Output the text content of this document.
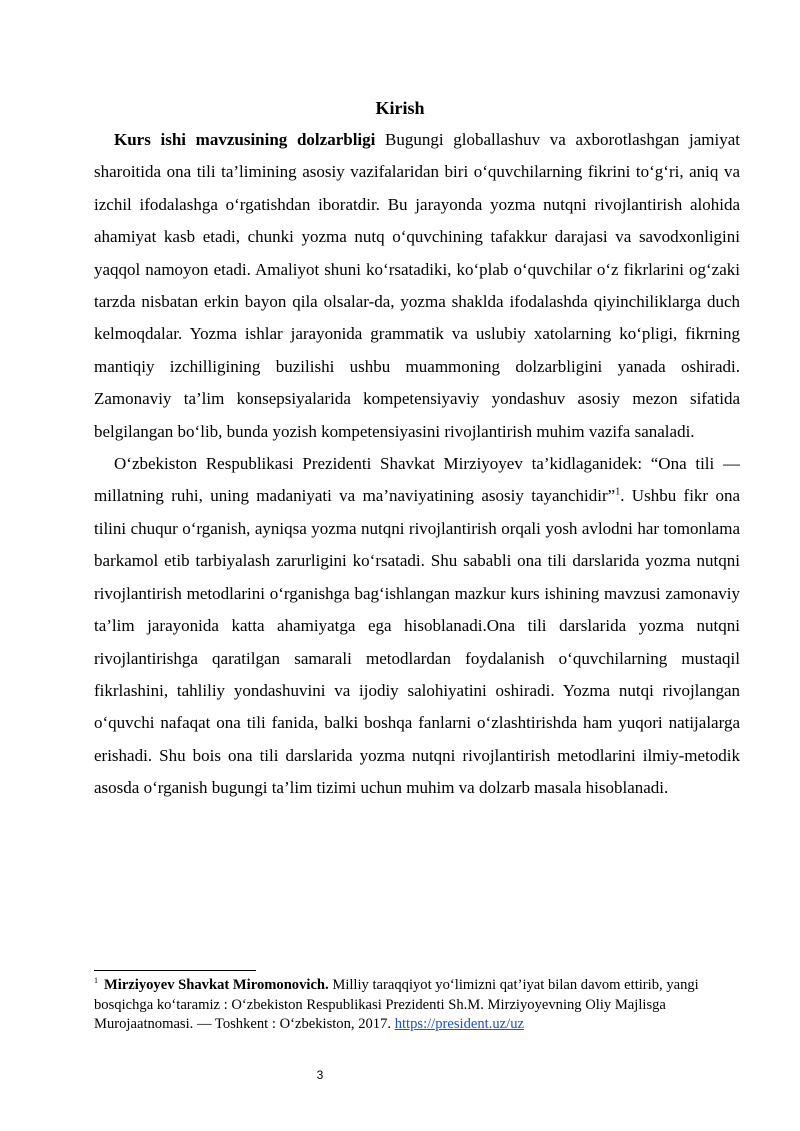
Kirish

Kurs ishi mavzusining dolzarbligi Bugungi globallashuv va axborotlashgan jamiyat sharoitida ona tili ta’limining asosiy vazifalaridan biri o‘quvchilarning fikrini to‘g‘ri, aniq va izchil ifodalashga o‘rgatishdan iboratdir. Bu jarayonda yozma nutqni rivojlantirish alohida ahamiyat kasb etadi, chunki yozma nutq o‘quvchining tafakkur darajasi va savodxonligini yaqqol namoyon etadi. Amaliyot shuni ko‘rsatadiki, ko‘plab o‘quvchilar o‘z fikrlarini og‘zaki tarzda nisbatan erkin bayon qila olsalar-da, yozma shaklda ifodalashda qiyinchiliklarga duch kelmoqdalar. Yozma ishlar jarayonida grammatik va uslubiy xatolarning ko‘pligi, fikrning mantiqiy izchilligining buzilishi ushbu muammoning dolzarbligini yanada oshiradi. Zamonaviy ta’lim konsepsiyalarida kompetensiyaviy yondashuv asosiy mezon sifatida belgilangan bo‘lib, bunda yozish kompetensiyasini rivojlantirish muhim vazifa sanaladi.

O‘zbekiston Respublikasi Prezidenti Shavkat Mirziyoyev ta’kidlaganidek: “Ona tili — millatning ruhi, uning madaniyati va ma’naviyatining asosiy tayanchidir”$^1$. Ushbu fikr ona tilini chuqur o‘rganish, ayniqsa yozma nutqni rivojlantirish orqali yosh avlodni har tomonlama barkamol etib tarbiyalash zarurligini ko‘rsatadi. Shu sababli ona tili darslarida yozma nutqni rivojlantirish metodlarini o‘rganishga bag‘ishlangan mazkur kurs ishining mavzusi zamonaviy ta’lim jarayonida katta ahamiyatga ega hisoblanadi.Ona tili darslarida yozma nutqni rivojlantirishga qaratilgan samarali metodlardan foydalanish o‘quvchilarning mustaqil fikrlashini, tahliliy yondashuvini va ijodiy salohiyatini oshiradi. Yozma nutqi rivojlangan o‘quvchi nafaqat ona tili fanida, balki boshqa fanlarni o‘zlashtirishda ham yuqori natijalarga erishadi. Shu bois ona tili darslarida yozma nutqni rivojlantirish metodlarini ilmiy-metodik asosda o‘rganish bugungi ta’lim tizimi uchun muhim va dolzarb masala hisoblanadi.

$^1$ Mirziyoyev Shavkat Miromonovich. Milliy taraqqiyot yo‘limizni qat’iyat bilan davom ettirib, yangi bosqichga ko‘taramiz : O‘zbekiston Respublikasi Prezidenti Sh.M. Mirziyoyevning Oliy Majlisga Murojaatnomasi. — Toshkent : O‘zbekiston, 2017. https://president.uz/uz

3
